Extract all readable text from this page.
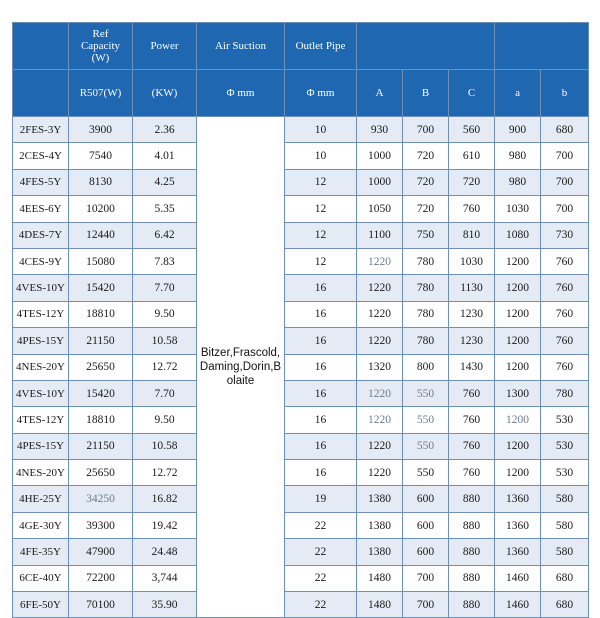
	Ref
Capacity
(W)	Power	Air Suction	Outlet Pipe					
	R507(W)	(KW)	Φ mm	Φ mm	A	B	C	a	b
2FES-3Y	3900	2.36	Bitzer,Frascold,
Daming,Dorin,B
olaite	10	930	700	560	900	680
2CES-4Y	7540	4.01		10	1000	720	610	980	700
4FES-5Y	8130	4.25		12	1000	720	720	980	700
4EES-6Y	10200	5.35		12	1050	720	760	1030	700
4DES-7Y	12440	6.42		12	1100	750	810	1080	730
4CES-9Y	15080	7.83		12	1220	780	1030	1200	760
4VES-10Y	15420	7.70		16	1220	780	1130	1200	760
4TES-12Y	18810	9.50		16	1220	780	1230	1200	760
4PES-15Y	21150	10.58		16	1220	780	1230	1200	760
4NES-20Y	25650	12.72		16	1320	800	1430	1200	760
4VES-10Y	15420	7.70		16	1220	550	760	1300	780
4TES-12Y	18810	9.50		16	1220	550	760	1200	530
4PES-15Y	21150	10.58		16	1220	550	760	1200	530
4NES-20Y	25650	12.72		16	1220	550	760	1200	530
4HE-25Y	34250	16.82		19	1380	600	880	1360	580
4GE-30Y	39300	19.42		22	1380	600	880	1360	580
4FE-35Y	47900	24.48		22	1380	600	880	1360	580
6CE-40Y	72200	3,744		22	1480	700	880	1460	680
6FE-50Y	70100	35.90		22	1480	700	880	1460	680
